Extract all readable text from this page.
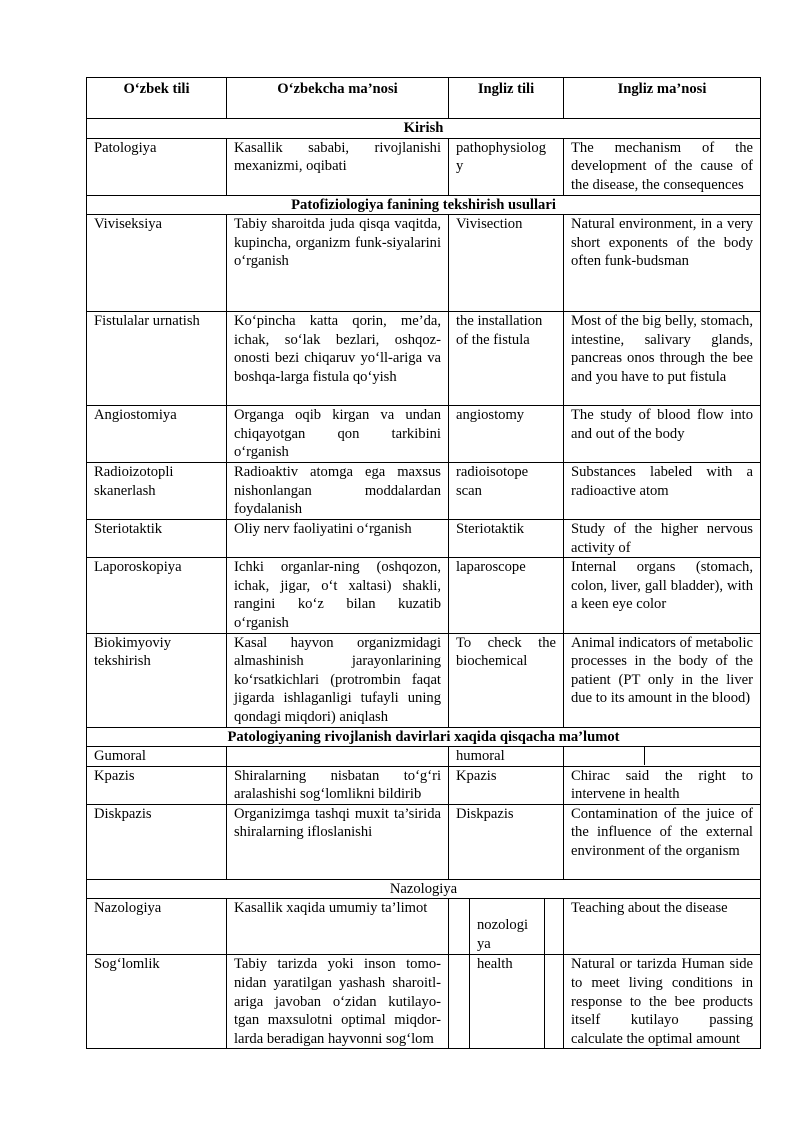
O‘zbek tili	O‘zbekcha ma’nosi	Ingliz tili	Ingliz ma’nosi
Kirish			
Patologiya	Kasallik sababi, rivojlanishi mexanizmi, oqibati	pathophysiolog y	The mechanism of the development of the cause of the disease, the consequences
Patofiziologiya fanining tekshirish usullari			
Viviseksiya	Tabiy sharoitda juda qisqa vaqitda, kupincha, organizm funk-siyalarini o‘rganish	Vivisection	Natural environment, in a very short exponents of the body often funk-budsman
Fistulalar urnatish	Ko‘pincha katta qorin, me’da, ichak, so‘lak bezlari, oshqoz-onosti bezi chiqaruv yo‘ll-ariga va boshqa-larga fistula qo‘yish	the installation of the fistula	Most of the big belly, stomach, intestine, salivary glands, pancreas onos through the bee and you have to put fistula
Angiostomiya	Organga oqib kirgan va undan chiqayotgan qon tarkibini o‘rganish	angiostomy	The study of blood flow into and out of the body
Radioizotopli skanerlash	Radioaktiv atomga ega maxsus nishonlangan moddalardan foydalanish	radioisotope scan	Substances labeled with a radioactive atom
Steriotaktik	Oliy nerv faoliyatini o‘rganish	Steriotaktik	Study of the higher nervous activity of
Laporoskopiya	Ichki organlar-ning (oshqozon, ichak, jigar, o‘t xaltasi) shakli, rangini ko‘z bilan kuzatib o‘rganish	laparoscope	Internal organs (stomach, colon, liver, gall bladder), with a keen eye color
Biokimyoviy tekshirish	Kasal hayvon organizmidagi almashinish jarayonlarining ko‘rsatkichlari (protrombin faqat jigarda ishlaganligi tufayli uning qondagi miqdori) aniqlash	To check the biochemical	Animal indicators of metabolic processes in the body of the patient (PT only in the liver due to its amount in the blood)
Patologiyaning rivojlanish davirlari xaqida qisqacha ma’lumot			
Gumoral		humoral	

Kpazis	Shiralarning nisbatan to‘g‘ri aralashishi sog‘lomlikni bildirib	Kpazis	Chirac said the right to intervene in health
Diskpazis	Organizimga tashqi muxit ta’sirida shiralarning ifloslanishi	Diskpazis	Contamination of the juice of the influence of the external environment of the organism
Nazologiya			
Nazologiya	Kasallik xaqida umumiy ta’limot	nozologi ya	Teaching about the disease
Sog‘lomlik	Tabiy tarizda yoki inson tomo-nidan yaratilgan yashash sharoitl-ariga javoban o‘zidan kutilayo-tgan maxsulotni optimal miqdor-larda beradigan hayvonni sog‘lom	health	Natural or tarizda Human side to meet living conditions in response to the bee products itself kutilayo passing calculate the optimal amount
